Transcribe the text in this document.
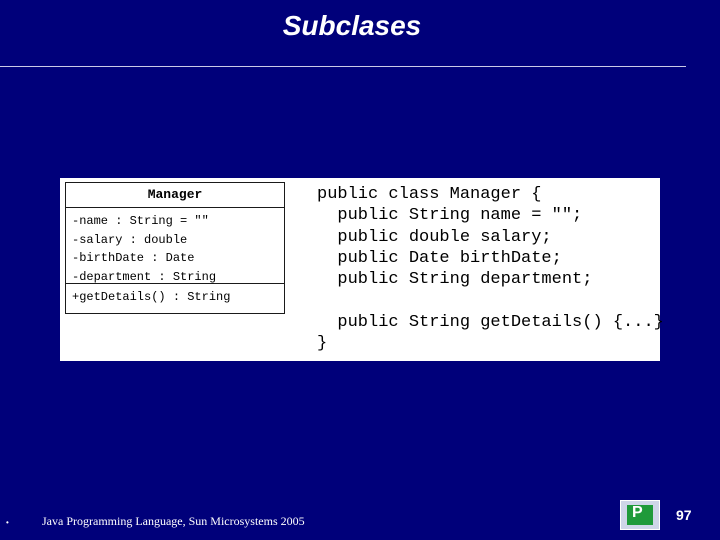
Subclases
Manager
-name : String = ""
-salary : double
-birthDate : Date
-department : String
+getDetails() : String
public class Manager {
public String name = "";
public double salary;
public Date birthDate;
public String department;
public String getDetails() {...}
}
•	Java Programming Language, Sun Microsystems 2005	P 97
